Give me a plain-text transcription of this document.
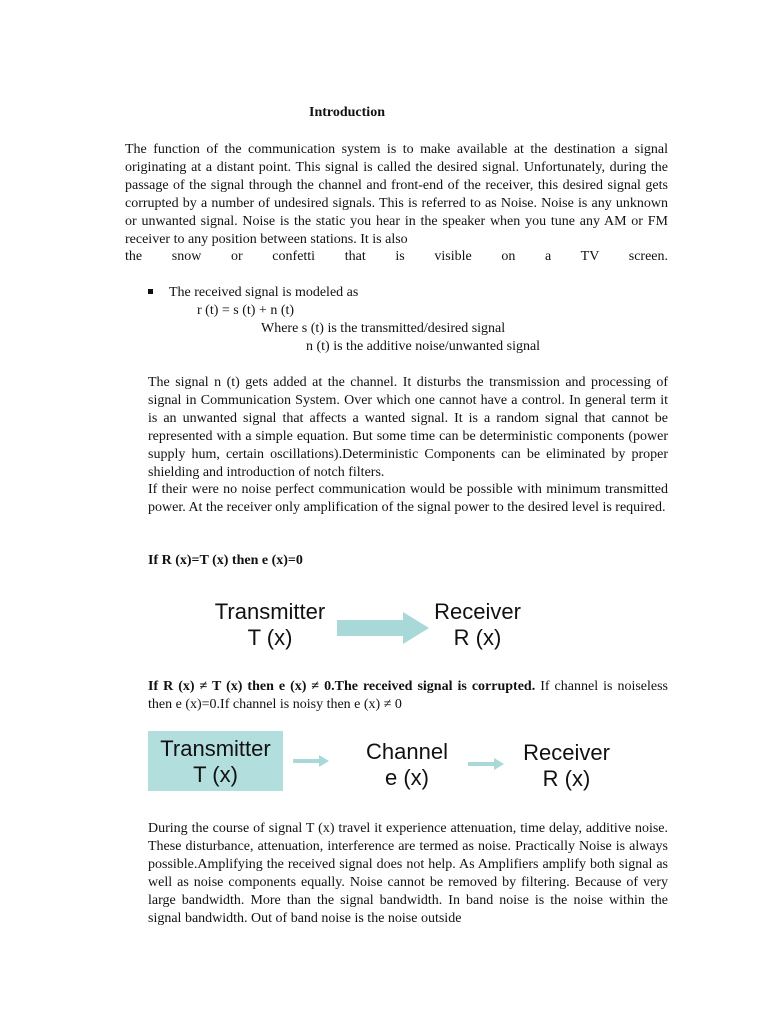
Introduction

The function of the communication system is to make available at the destination a signal originating at a distant point. This signal is called the desired signal. Unfortunately, during the passage of the signal through the channel and front-end of the receiver, this desired signal gets corrupted by a number of undesired signals. This is referred to as Noise. Noise is any unknown or unwanted signal. Noise is the static you hear in the speaker when you tune any AM or FM receiver to any position between stations. It is also
the snow or confetti that is visible on a TV screen.

The received signal is modeled as
r (t) = s (t) + n (t)
Where s (t) is the transmitted/desired signal
n (t) is the additive noise/unwanted signal

The signal n (t) gets added at the channel. It disturbs the transmission and processing of signal in Communication System. Over which one cannot have a control. In general term it is an unwanted signal that affects a wanted signal. It is a random signal that cannot be represented with a simple equation. But some time can be deterministic components (power supply hum, certain oscillations).Deterministic Components can be eliminated by proper shielding and introduction of notch filters.
If their were no noise perfect communication would be possible with minimum transmitted power. At the receiver only amplification of the signal power to the desired level is required.

If R (x)=T (x) then e (x)=0
Transmitter
T (x)
Receiver
R (x)

If R (x) ≠ T (x) then e (x) ≠ 0.The received signal is corrupted. If channel is noiseless then e (x)=0.If channel is noisy then e (x) ≠ 0

Transmitter
T (x)
Channel
e (x)
Receiver
R (x)

During the course of signal T (x) travel it experience attenuation, time delay, additive noise. These disturbance, attenuation, interference are termed as noise. Practically Noise is always possible.Amplifying the received signal does not help. As Amplifiers amplify both signal as well as noise components equally. Noise cannot be removed by filtering. Because of very large bandwidth. More than the signal bandwidth. In band noise is the noise within the signal bandwidth. Out of band noise is the noise outside
